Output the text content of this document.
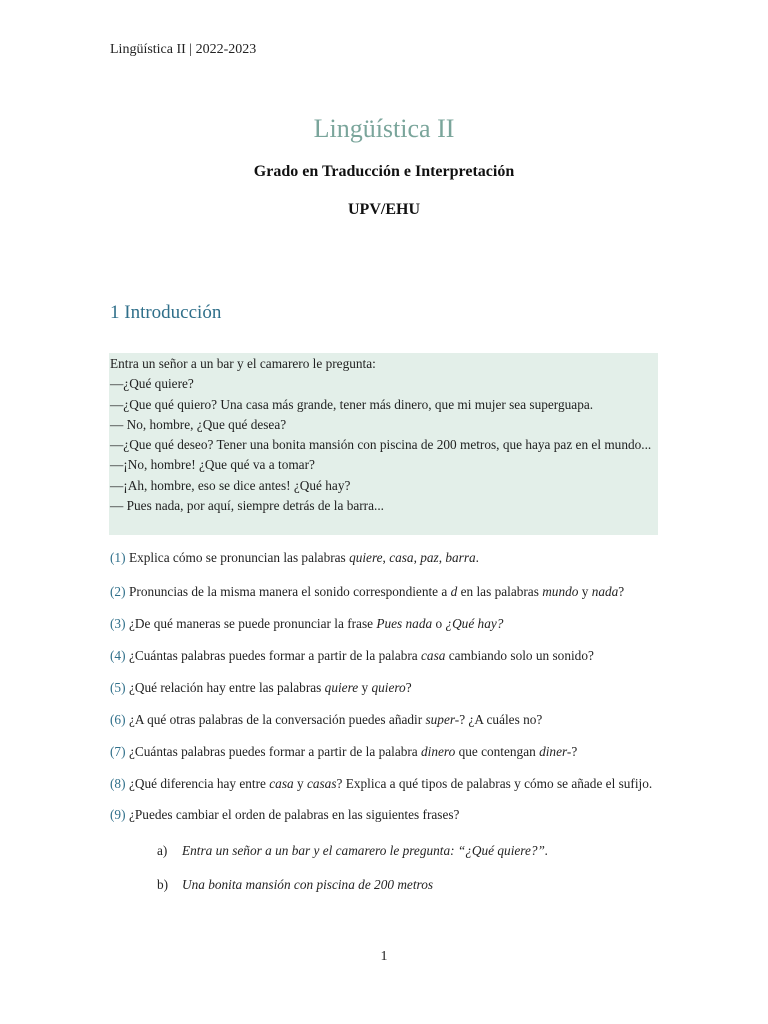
Lingüística II | 2022-2023
Lingüística II
Grado en Traducción e Interpretación
UPV/EHU
1 Introducción
Entra un señor a un bar y el camarero le pregunta:
—¿Qué quiere?
—¿Que qué quiero? Una casa más grande, tener más dinero, que mi mujer sea superguapa.
— No, hombre, ¿Que qué desea?
—¿Que qué deseo? Tener una bonita mansión con piscina de 200 metros, que haya paz en el mundo...
—¡No, hombre! ¿Que qué va a tomar?
—¡Ah, hombre, eso se dice antes! ¿Qué hay?
— Pues nada, por aquí, siempre detrás de la barra...
(1) Explica cómo se pronuncian las palabras quiere, casa, paz, barra.
(2) Pronuncias de la misma manera el sonido correspondiente a d en las palabras mundo y nada?
(3) ¿De qué maneras se puede pronunciar la frase Pues nada o ¿Qué hay?
(4) ¿Cuántas palabras puedes formar a partir de la palabra casa cambiando solo un sonido?
(5) ¿Qué relación hay entre las palabras quiere y quiero?
(6) ¿A qué otras palabras de la conversación puedes añadir super-? ¿A cuáles no?
(7) ¿Cuántas palabras puedes formar a partir de la palabra dinero que contengan diner-?
(8) ¿Qué diferencia hay entre casa y casas? Explica a qué tipos de palabras y cómo se añade el sufijo.
(9) ¿Puedes cambiar el orden de palabras en las siguientes frases?
a) Entra un señor a un bar y el camarero le pregunta: “¿Qué quiere?”.
b) Una bonita mansión con piscina de 200 metros
1
